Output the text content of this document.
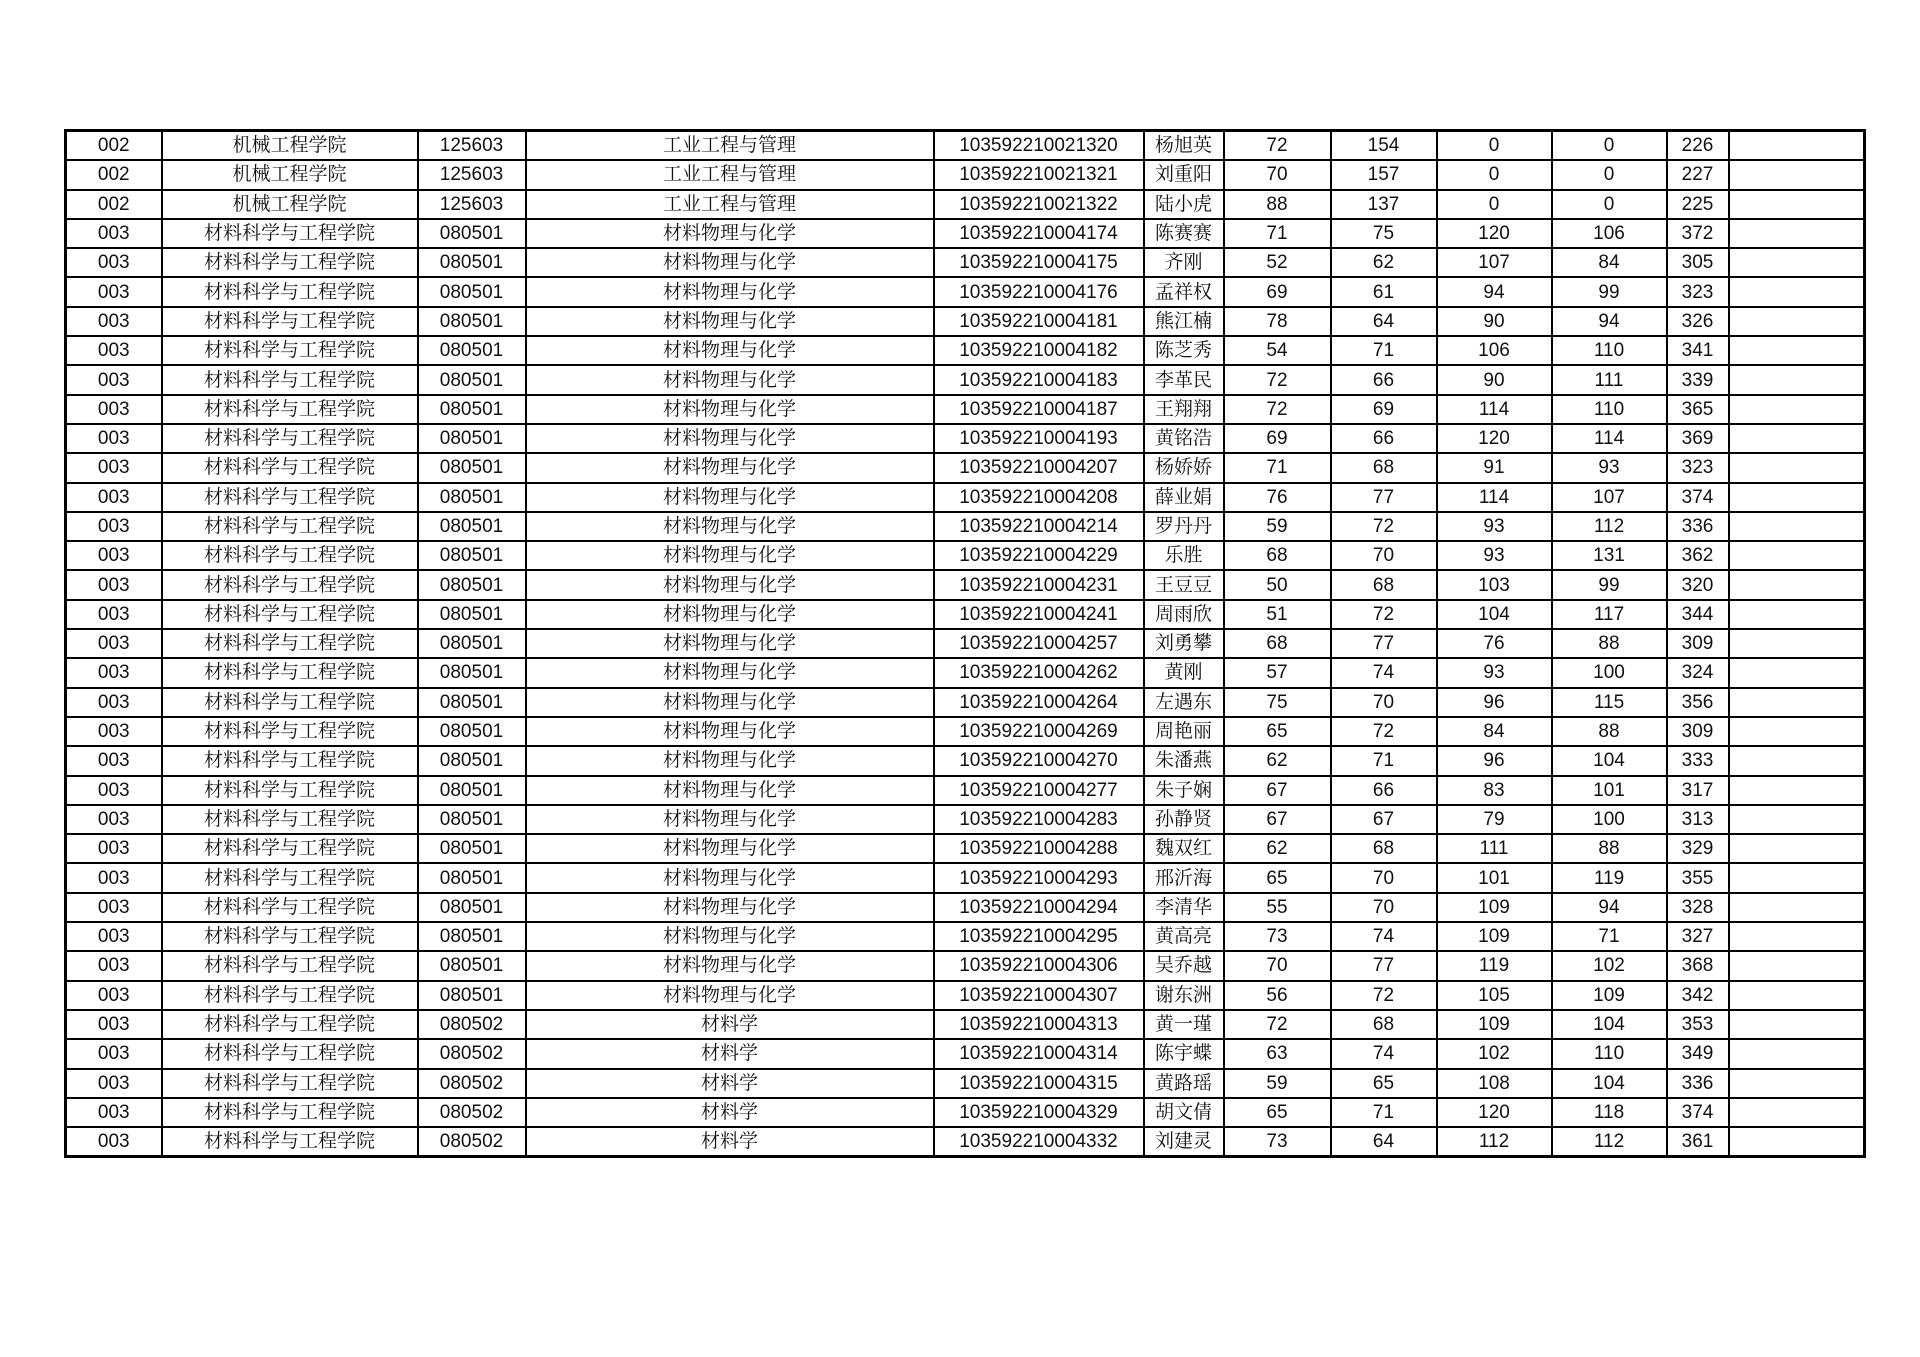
002	机械工程学院	125603	工业工程与管理	103592210021320	杨旭英	72	154	0	0	226	
002	机械工程学院	125603	工业工程与管理	103592210021321	刘重阳	70	157	0	0	227	
002	机械工程学院	125603	工业工程与管理	103592210021322	陆小虎	88	137	0	0	225	
003	材料科学与工程学院	080501	材料物理与化学	103592210004174	陈赛赛	71	75	120	106	372	
003	材料科学与工程学院	080501	材料物理与化学	103592210004175	齐刚	52	62	107	84	305	
003	材料科学与工程学院	080501	材料物理与化学	103592210004176	孟祥权	69	61	94	99	323	
003	材料科学与工程学院	080501	材料物理与化学	103592210004181	熊江楠	78	64	90	94	326	
003	材料科学与工程学院	080501	材料物理与化学	103592210004182	陈芝秀	54	71	106	110	341	
003	材料科学与工程学院	080501	材料物理与化学	103592210004183	李革民	72	66	90	111	339	
003	材料科学与工程学院	080501	材料物理与化学	103592210004187	王翔翔	72	69	114	110	365	
003	材料科学与工程学院	080501	材料物理与化学	103592210004193	黄铭浩	69	66	120	114	369	
003	材料科学与工程学院	080501	材料物理与化学	103592210004207	杨娇娇	71	68	91	93	323	
003	材料科学与工程学院	080501	材料物理与化学	103592210004208	薛业娟	76	77	114	107	374	
003	材料科学与工程学院	080501	材料物理与化学	103592210004214	罗丹丹	59	72	93	112	336	
003	材料科学与工程学院	080501	材料物理与化学	103592210004229	乐胜	68	70	93	131	362	
003	材料科学与工程学院	080501	材料物理与化学	103592210004231	王豆豆	50	68	103	99	320	
003	材料科学与工程学院	080501	材料物理与化学	103592210004241	周雨欣	51	72	104	117	344	
003	材料科学与工程学院	080501	材料物理与化学	103592210004257	刘勇攀	68	77	76	88	309	
003	材料科学与工程学院	080501	材料物理与化学	103592210004262	黄刚	57	74	93	100	324	
003	材料科学与工程学院	080501	材料物理与化学	103592210004264	左遇东	75	70	96	115	356	
003	材料科学与工程学院	080501	材料物理与化学	103592210004269	周艳丽	65	72	84	88	309	
003	材料科学与工程学院	080501	材料物理与化学	103592210004270	朱潘燕	62	71	96	104	333	
003	材料科学与工程学院	080501	材料物理与化学	103592210004277	朱子娴	67	66	83	101	317	
003	材料科学与工程学院	080501	材料物理与化学	103592210004283	孙静贤	67	67	79	100	313	
003	材料科学与工程学院	080501	材料物理与化学	103592210004288	魏双红	62	68	111	88	329	
003	材料科学与工程学院	080501	材料物理与化学	103592210004293	邢沂海	65	70	101	119	355	
003	材料科学与工程学院	080501	材料物理与化学	103592210004294	李清华	55	70	109	94	328	
003	材料科学与工程学院	080501	材料物理与化学	103592210004295	黄高亮	73	74	109	71	327	
003	材料科学与工程学院	080501	材料物理与化学	103592210004306	吴乔越	70	77	119	102	368	
003	材料科学与工程学院	080501	材料物理与化学	103592210004307	谢东洲	56	72	105	109	342	
003	材料科学与工程学院	080502	材料学	103592210004313	黄一瑾	72	68	109	104	353	
003	材料科学与工程学院	080502	材料学	103592210004314	陈宇蝶	63	74	102	110	349	
003	材料科学与工程学院	080502	材料学	103592210004315	黄路瑶	59	65	108	104	336	
003	材料科学与工程学院	080502	材料学	103592210004329	胡文倩	65	71	120	118	374	
003	材料科学与工程学院	080502	材料学	103592210004332	刘建灵	73	64	112	112	361	
